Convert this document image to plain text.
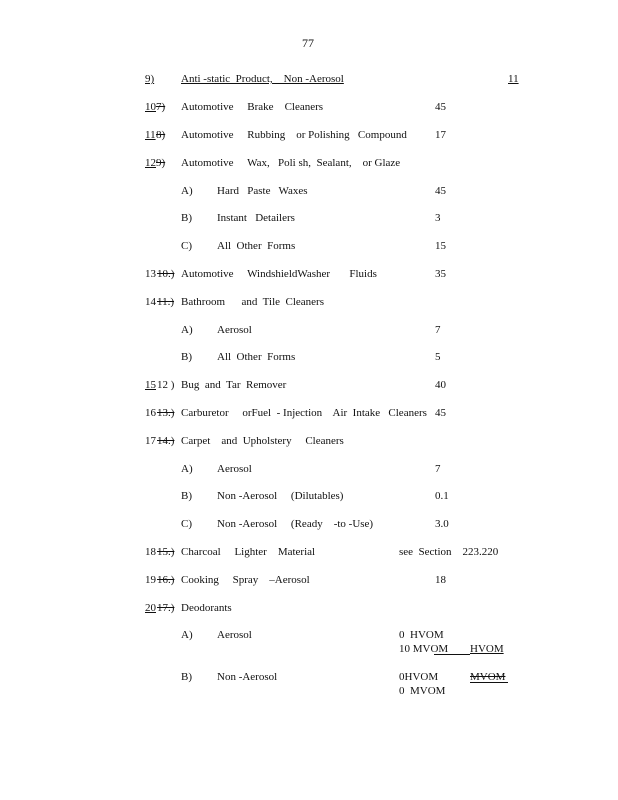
77
9) Anti -static  Product,    Non -Aerosol	11
10 7) Automotive     Brake    Cleaners	45
11 8) Automotive     Rubbing    or Polishing   Compound	17
12 9) Automotive     Wax,   Poli sh,  Sealant,    or Glaze
A) Hard   Paste   Waxes	45
B) Instant   Detailers	3
C) All  Other  Forms	15
13 10.) Automotive     WindshieldWasher       Fluids	35
14 11.) Bathroom      and  Tile  Cleaners
A) Aerosol	7
B) All  Other  Forms	5
15 12 ) Bug  and  Tar  Remover	40
16 13.) Carburetor     orFuel  - Injection    Air  Intake   Cleaners 45
17 14.) Carpet    and  Upholstery     Cleaners
A) Aerosol	7
B) Non -Aerosol     (Dilutables)	0.1
C) Non -Aerosol     (Ready    -to -Use)	3.0
18 15.) Charcoal     Lighter    Material	see  Section    223.220
19 16.) Cooking     Spray    –Aerosol	18
20 17.) Deodorants
A) Aerosol	0  HVOM
10 MVOM HVOM
B) Non -Aerosol	0HVOM	MVOM
0  MVOM
